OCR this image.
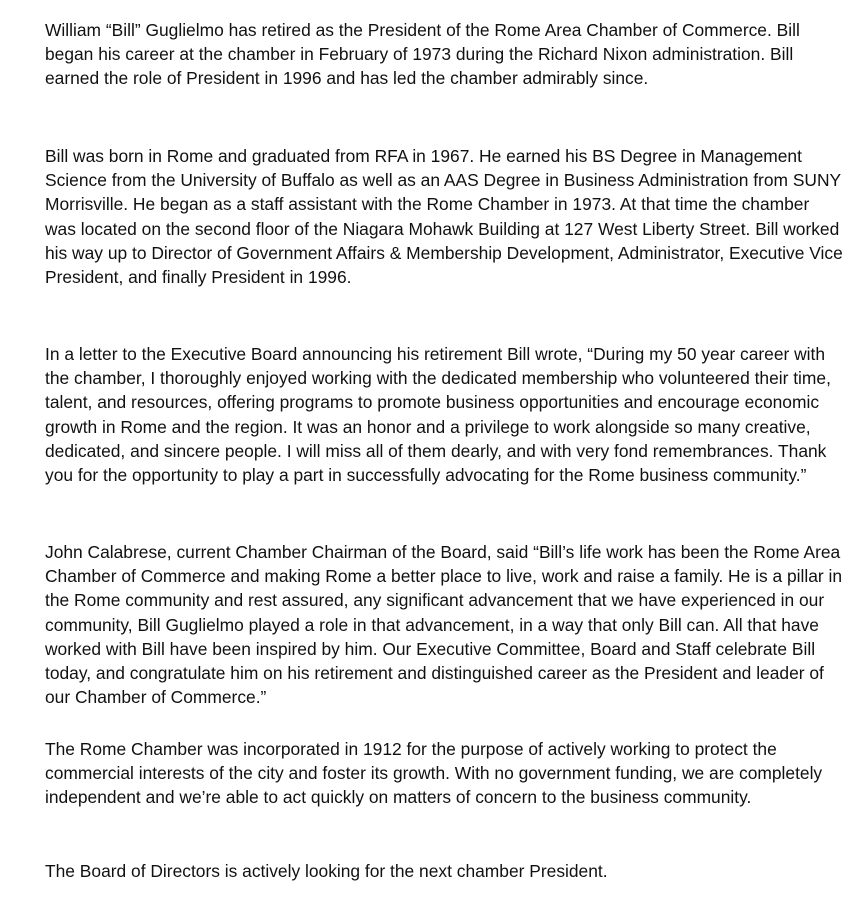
William “Bill” Guglielmo has retired as the President of the Rome Area Chamber of Commerce. Bill began his career at the chamber in February of 1973 during the Richard Nixon administration. Bill earned the role of President in 1996 and has led the chamber admirably since.

Bill was born in Rome and graduated from RFA in 1967. He earned his BS Degree in Management Science from the University of Buffalo as well as an AAS Degree in Business Administration from SUNY Morrisville. He began as a staff assistant with the Rome Chamber in 1973. At that time the chamber was located on the second floor of the Niagara Mohawk Building at 127 West Liberty Street. Bill worked his way up to Director of Government Affairs & Membership Development, Administrator, Executive Vice President, and finally President in 1996.

In a letter to the Executive Board announcing his retirement Bill wrote, “During my 50 year career with the chamber, I thoroughly enjoyed working with the dedicated membership who volunteered their time, talent, and resources, offering programs to promote business opportunities and encourage economic growth in Rome and the region. It was an honor and a privilege to work alongside so many creative, dedicated, and sincere people. I will miss all of them dearly, and with very fond remembrances. Thank you for the opportunity to play a part in successfully advocating for the Rome business community.”

John Calabrese, current Chamber Chairman of the Board, said “Bill’s life work has been the Rome Area Chamber of Commerce and making Rome a better place to live, work and raise a family. He is a pillar in the Rome community and rest assured, any significant advancement that we have experienced in our community, Bill Guglielmo played a role in that advancement, in a way that only Bill can. All that have worked with Bill have been inspired by him. Our Executive Committee, Board and Staff celebrate Bill today, and congratulate him on his retirement and distinguished career as the President and leader of our Chamber of Commerce.”

The Rome Chamber was incorporated in 1912 for the purpose of actively working to protect the commercial interests of the city and foster its growth. With no government funding, we are completely independent and we’re able to act quickly on matters of concern to the business community.

The Board of Directors is actively looking for the next chamber President.
